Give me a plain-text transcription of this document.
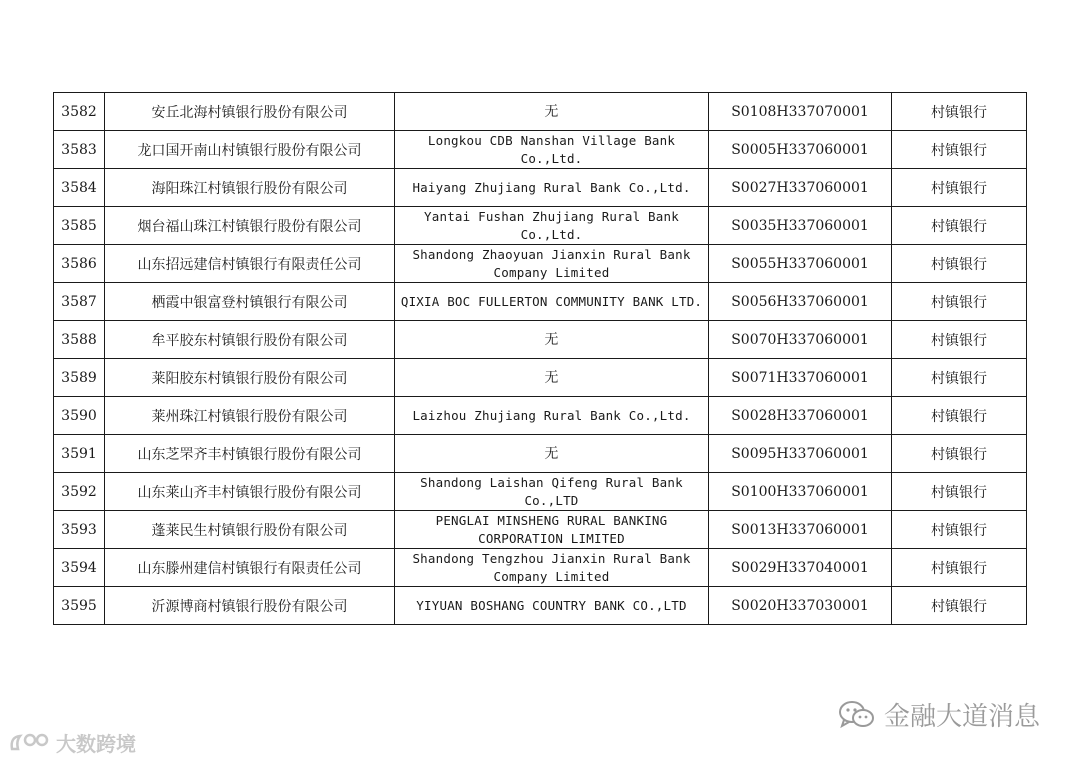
3582	安丘北海村镇银行股份有限公司	无	S0108H337070001	村镇银行
3583	龙口国开南山村镇银行股份有限公司	Longkou CDB Nanshan Village Bank Co.,Ltd.	S0005H337060001	村镇银行
3584	海阳珠江村镇银行股份有限公司	Haiyang Zhujiang Rural Bank Co.,Ltd.	S0027H337060001	村镇银行
3585	烟台福山珠江村镇银行股份有限公司	Yantai Fushan Zhujiang Rural Bank Co.,Ltd.	S0035H337060001	村镇银行
3586	山东招远建信村镇银行有限责任公司	Shandong Zhaoyuan Jianxin Rural Bank Company Limited	S0055H337060001	村镇银行
3587	栖霞中银富登村镇银行有限公司	QIXIA BOC FULLERTON COMMUNITY BANK LTD.	S0056H337060001	村镇银行
3588	牟平胶东村镇银行股份有限公司	无	S0070H337060001	村镇银行
3589	莱阳胶东村镇银行股份有限公司	无	S0071H337060001	村镇银行
3590	莱州珠江村镇银行股份有限公司	Laizhou Zhujiang Rural Bank Co.,Ltd.	S0028H337060001	村镇银行
3591	山东芝罘齐丰村镇银行股份有限公司	无	S0095H337060001	村镇银行
3592	山东莱山齐丰村镇银行股份有限公司	Shandong Laishan Qifeng Rural Bank Co.,LTD	S0100H337060001	村镇银行
3593	蓬莱民生村镇银行股份有限公司	PENGLAI MINSHENG RURAL BANKING CORPORATION LIMITED	S0013H337060001	村镇银行
3594	山东滕州建信村镇银行有限责任公司	Shandong Tengzhou Jianxin Rural Bank Company Limited	S0029H337040001	村镇银行
3595	沂源博商村镇银行股份有限公司	YIYUAN BOSHANG COUNTRY BANK CO.,LTD	S0020H337030001	村镇银行
大数跨境
金融大道消息
